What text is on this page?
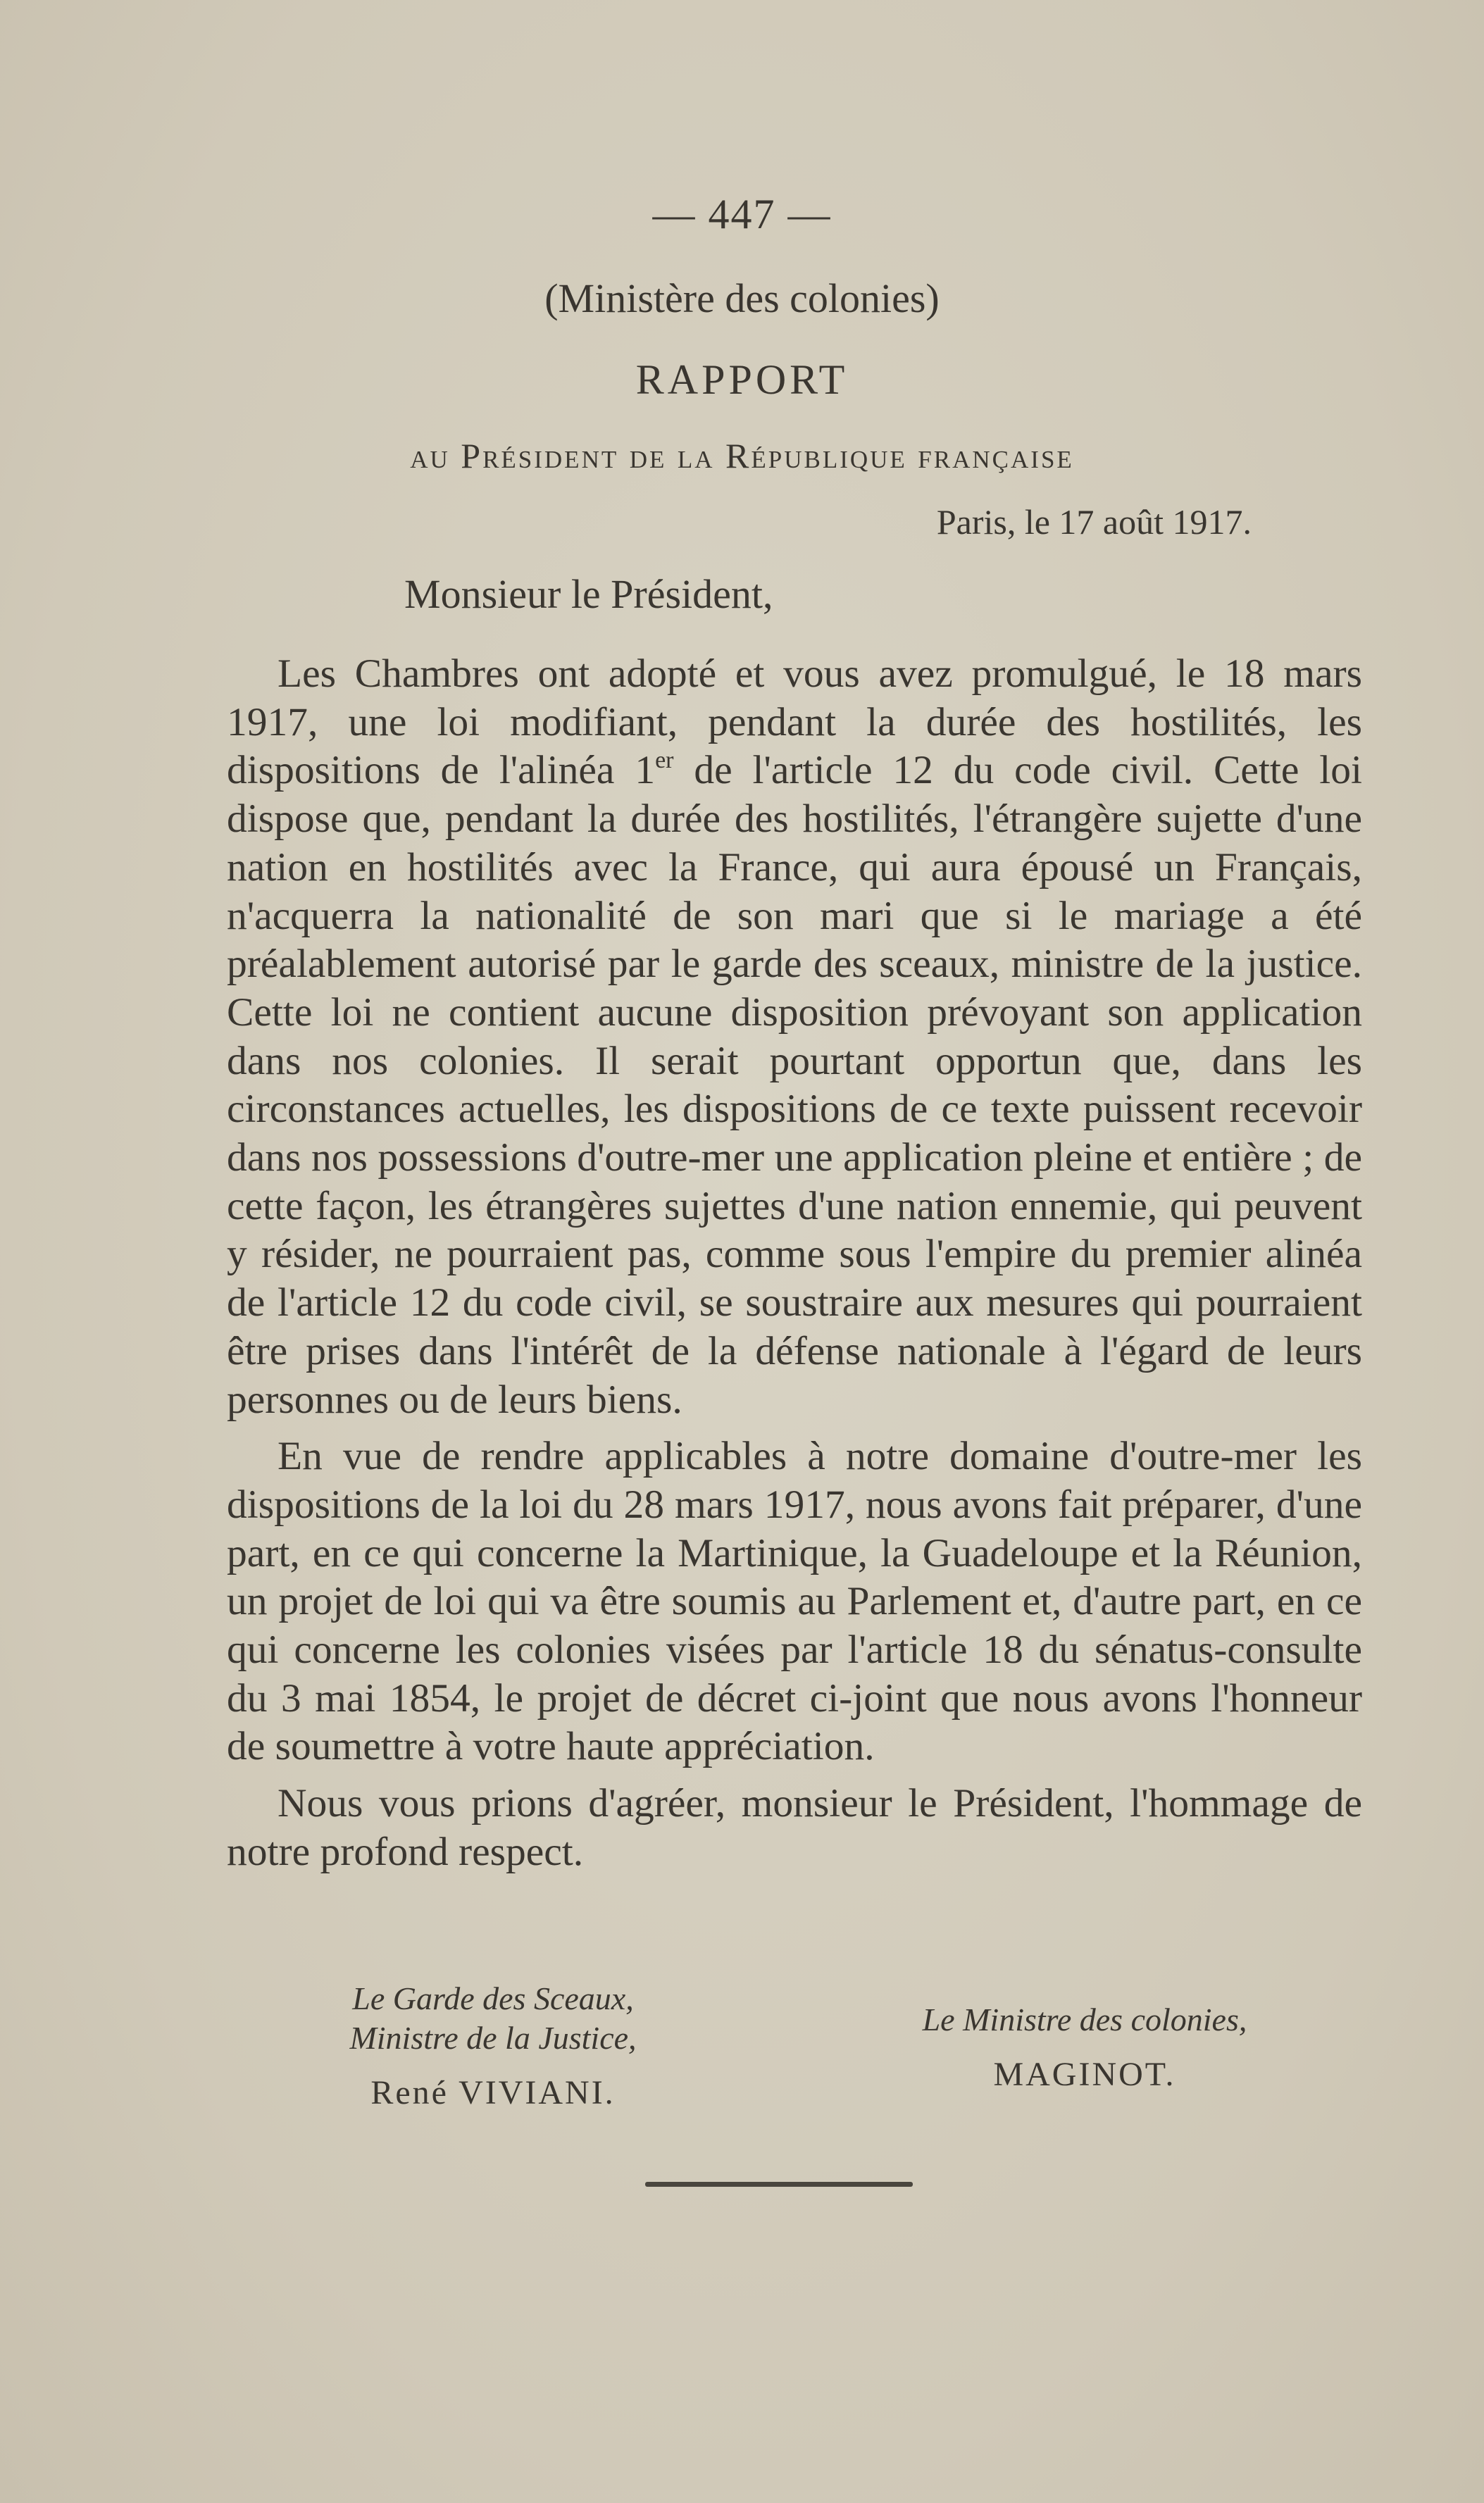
— 447 —
(Ministère des colonies)
RAPPORT
au Président de la République française
Paris, le 17 août 1917.
Monsieur le Président,

Les Chambres ont adopté et vous avez promulgué, le 18 mars 1917, une loi modifiant, pendant la durée des hostilités, les dispositions de l'alinéa 1er de l'article 12 du code civil. Cette loi dispose que, pendant la durée des hostilités, l'étrangère sujette d'une nation en hostilités avec la France, qui aura épousé un Français, n'acquerra la nationalité de son mari que si le mariage a été préalablement autorisé par le garde des sceaux, ministre de la justice. Cette loi ne contient aucune disposition prévoyant son application dans nos colonies. Il serait pourtant opportun que, dans les circonstances actuelles, les dispositions de ce texte puissent recevoir dans nos possessions d'outre-mer une application pleine et entière ; de cette façon, les étrangères sujettes d'une nation ennemie, qui peuvent y résider, ne pourraient pas, comme sous l'empire du premier alinéa de l'article 12 du code civil, se soustraire aux mesures qui pourraient être prises dans l'intérêt de la défense nationale à l'égard de leurs personnes ou de leurs biens.

En vue de rendre applicables à notre domaine d'outre-mer les dispositions de la loi du 28 mars 1917, nous avons fait préparer, d'une part, en ce qui concerne la Martinique, la Guadeloupe et la Réunion, un projet de loi qui va être soumis au Parlement et, d'autre part, en ce qui concerne les colonies visées par l'article 18 du sénatus-consulte du 3 mai 1854, le projet de décret ci-joint que nous avons l'honneur de soumettre à votre haute appréciation.

Nous vous prions d'agréer, monsieur le Président, l'hommage de notre profond respect.

Le Garde des Sceaux,
Ministre de la Justice,
René VIVIANI.
Le Ministre des colonies,
MAGINOT.
